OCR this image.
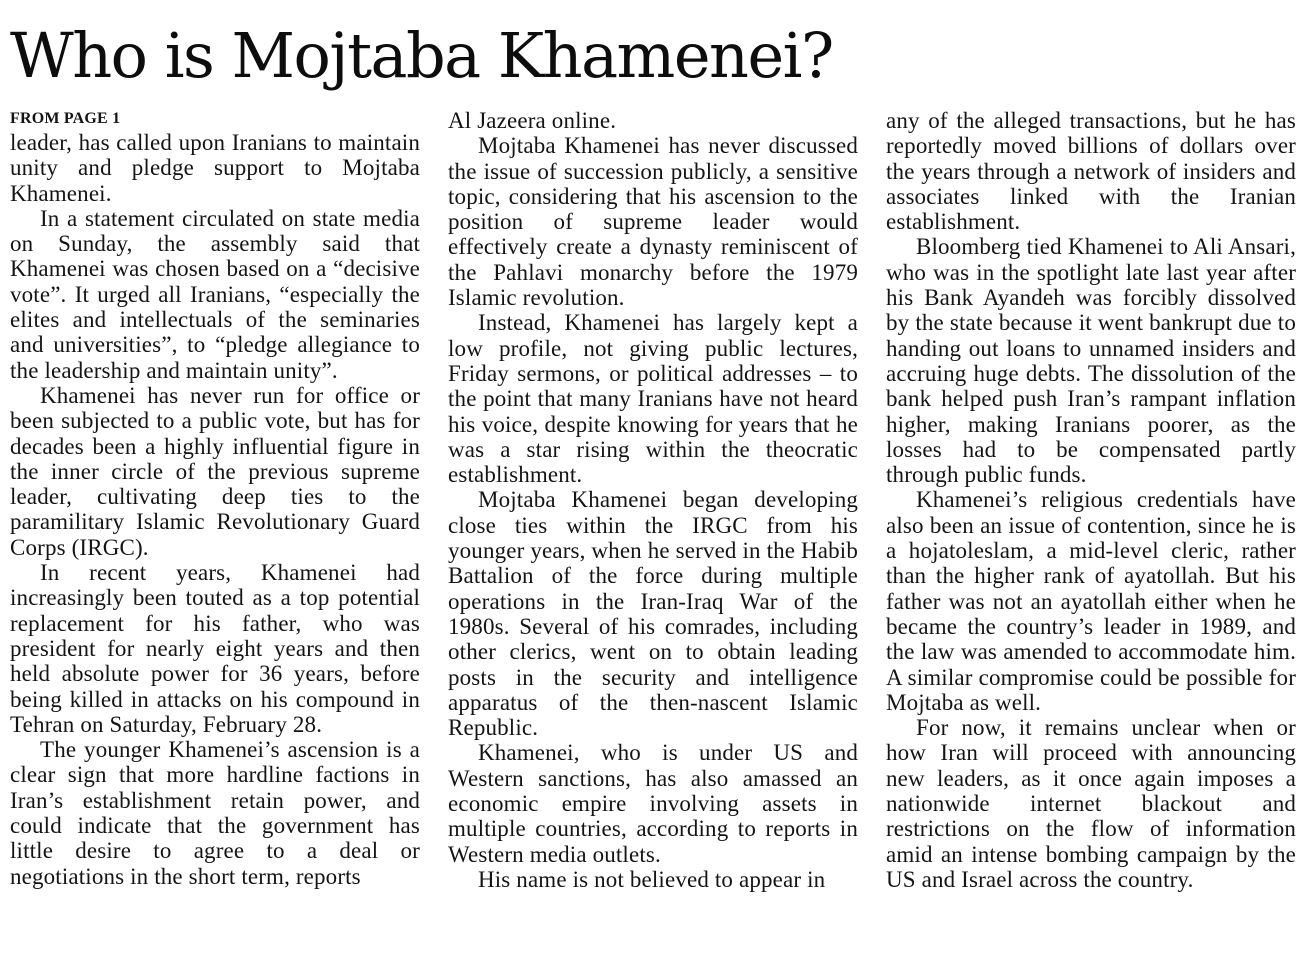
Who is Mojtaba Khamenei?
FROM PAGE 1

leader, has called upon Iranians to maintain unity and pledge support to Mojtaba Khamenei.

In a statement circulated on state media on Sunday, the assembly said that Khamenei was chosen based on a “decisive vote”. It urged all Iranians, “especially the elites and intellectuals of the seminaries and universities”, to “pledge allegiance to the leadership and maintain unity”.

Khamenei has never run for office or been subjected to a public vote, but has for decades been a highly influential figure in the inner circle of the previous supreme leader, cultivating deep ties to the paramilitary Islamic Revolutionary Guard Corps (IRGC).

In recent years, Khamenei had increasingly been touted as a top potential replacement for his father, who was president for nearly eight years and then held absolute power for 36 years, before being killed in attacks on his compound in Tehran on Saturday, February 28.

The younger Khamenei’s ascension is a clear sign that more hardline factions in Iran’s establishment retain power, and could indicate that the government has little desire to agree to a deal or negotiations in the short term, reports

Al Jazeera online.

Mojtaba Khamenei has never discussed the issue of succession publicly, a sensitive topic, considering that his ascension to the position of supreme leader would effectively create a dynasty reminiscent of the Pahlavi monarchy before the 1979 Islamic revolution.

Instead, Khamenei has largely kept a low profile, not giving public lectures, Friday sermons, or political addresses – to the point that many Iranians have not heard his voice, despite knowing for years that he was a star rising within the theocratic establishment.

Mojtaba Khamenei began developing close ties within the IRGC from his younger years, when he served in the Habib Battalion of the force during multiple operations in the Iran-Iraq War of the 1980s. Several of his comrades, including other clerics, went on to obtain leading posts in the security and intelligence apparatus of the then-nascent Islamic Republic.

Khamenei, who is under US and Western sanctions, has also amassed an economic empire involving assets in multiple countries, according to reports in Western media outlets.

His name is not believed to appear in

any of the alleged transactions, but he has reportedly moved billions of dollars over the years through a network of insiders and associates linked with the Iranian establishment.

Bloomberg tied Khamenei to Ali Ansari, who was in the spotlight late last year after his Bank Ayandeh was forcibly dissolved by the state because it went bankrupt due to handing out loans to unnamed insiders and accruing huge debts. The dissolution of the bank helped push Iran’s rampant inflation higher, making Iranians poorer, as the losses had to be compensated partly through public funds.

Khamenei’s religious credentials have also been an issue of contention, since he is a hojatoleslam, a mid-level cleric, rather than the higher rank of ayatollah. But his father was not an ayatollah either when he became the country’s leader in 1989, and the law was amended to accommodate him. A similar compromise could be possible for Mojtaba as well.

For now, it remains unclear when or how Iran will proceed with announcing new leaders, as it once again imposes a nationwide internet blackout and restrictions on the flow of information amid an intense bombing campaign by the US and Israel across the country.
